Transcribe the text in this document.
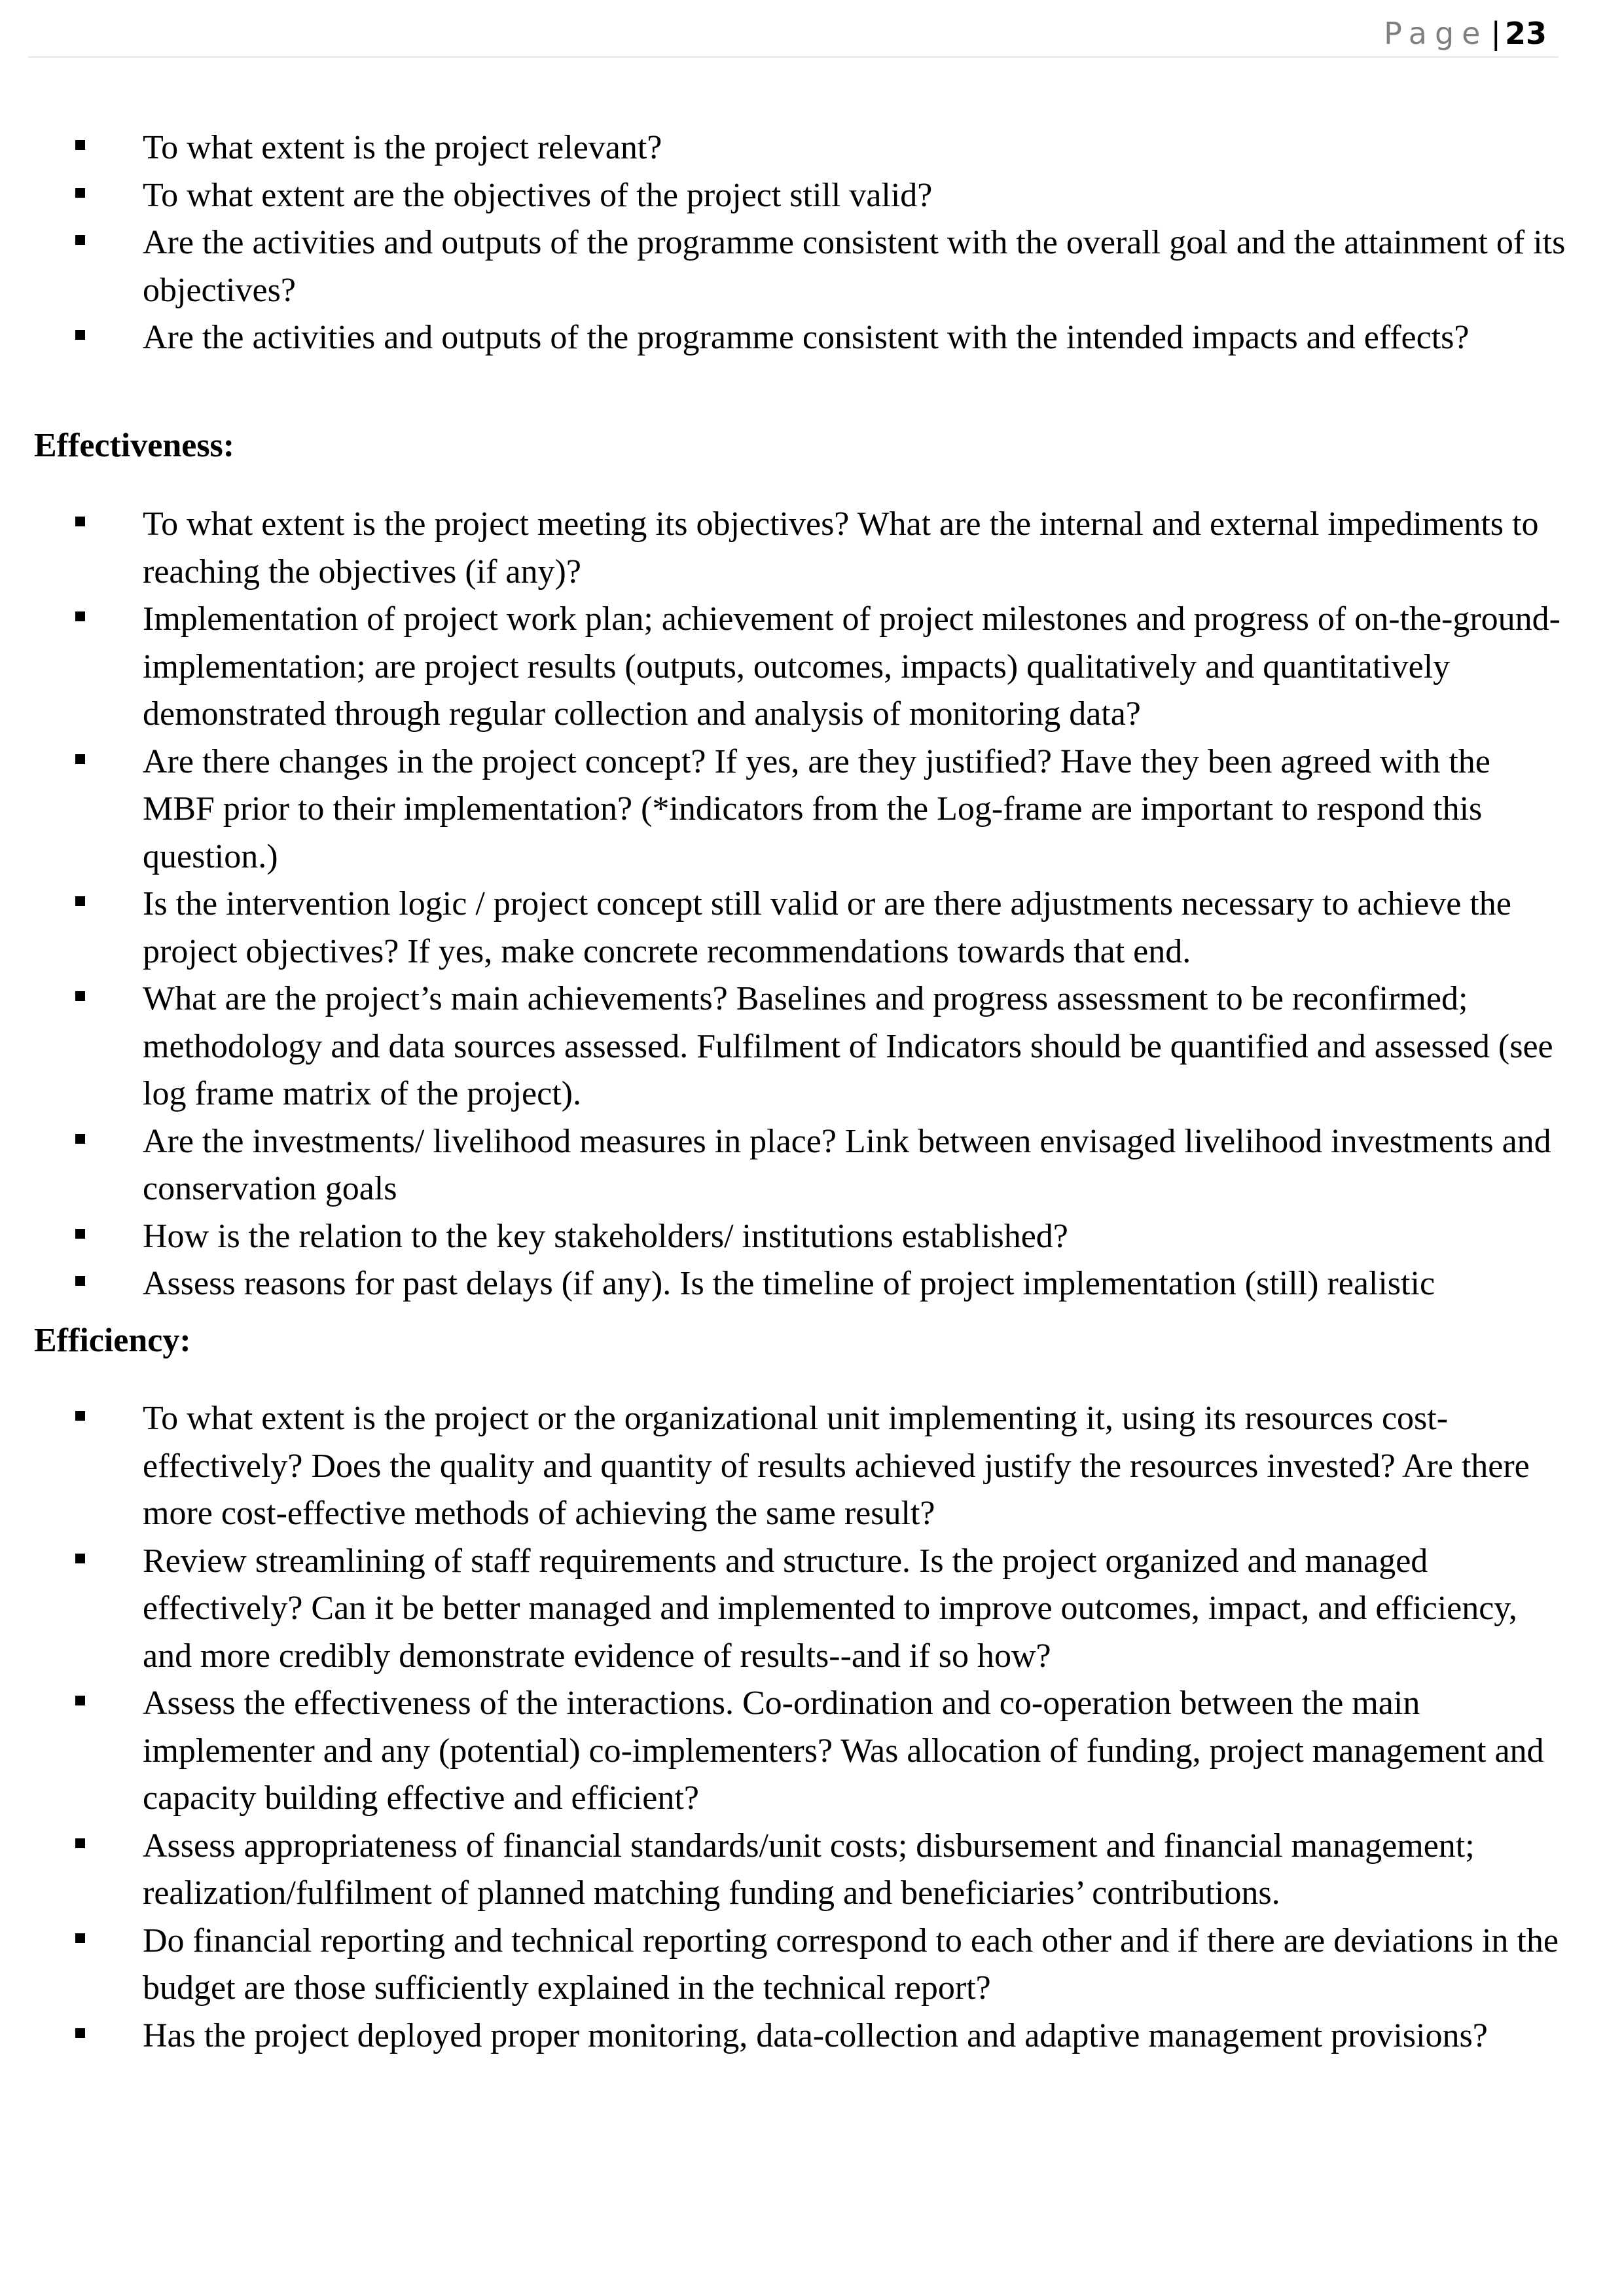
Page| 23
To what extent is the project relevant?
To what extent are the objectives of the project still valid?
Are the activities and outputs of the programme consistent with the overall goal and the attainment of its objectives?
Are the activities and outputs of the programme consistent with the intended impacts and effects?
Effectiveness:
To what extent is the project meeting its objectives? What are the internal and external impediments to reaching the objectives (if any)?
Implementation of project work plan; achievement of project milestones and progress of on-the-ground-implementation; are project results (outputs, outcomes, impacts) qualitatively and quantitatively demonstrated through regular collection and analysis of monitoring data?
Are there changes in the project concept? If yes, are they justified? Have they been agreed with the MBF prior to their implementation? (*indicators from the Log-frame are important to respond this question.)
Is the intervention logic / project concept still valid or are there adjustments necessary to achieve the project objectives? If yes, make concrete recommendations towards that end.
What are the project’s main achievements? Baselines and progress assessment to be reconfirmed; methodology and data sources assessed. Fulfilment of Indicators should be quantified and assessed (see log frame matrix of the project).
Are the investments/ livelihood measures in place? Link between envisaged livelihood investments and conservation goals
How is the relation to the key stakeholders/ institutions established?
Assess reasons for past delays (if any). Is the timeline of project implementation (still) realistic
Efficiency:
To what extent is the project or the organizational unit implementing it, using its resources cost-effectively? Does the quality and quantity of results achieved justify the resources invested? Are there more cost-effective methods of achieving the same result?
Review streamlining of staff requirements and structure. Is the project organized and managed effectively? Can it be better managed and implemented to improve outcomes, impact, and efficiency, and more credibly demonstrate evidence of results--and if so how?
Assess the effectiveness of the interactions. Co-ordination and co-operation between the main implementer and any (potential) co-implementers? Was allocation of funding, project management and capacity building effective and efficient?
Assess appropriateness of financial standards/unit costs; disbursement and financial management; realization/fulfilment of planned matching funding and beneficiaries’ contributions.
Do financial reporting and technical reporting correspond to each other and if there are deviations in the budget are those sufficiently explained in the technical report?
Has the project deployed proper monitoring, data-collection and adaptive management provisions?
